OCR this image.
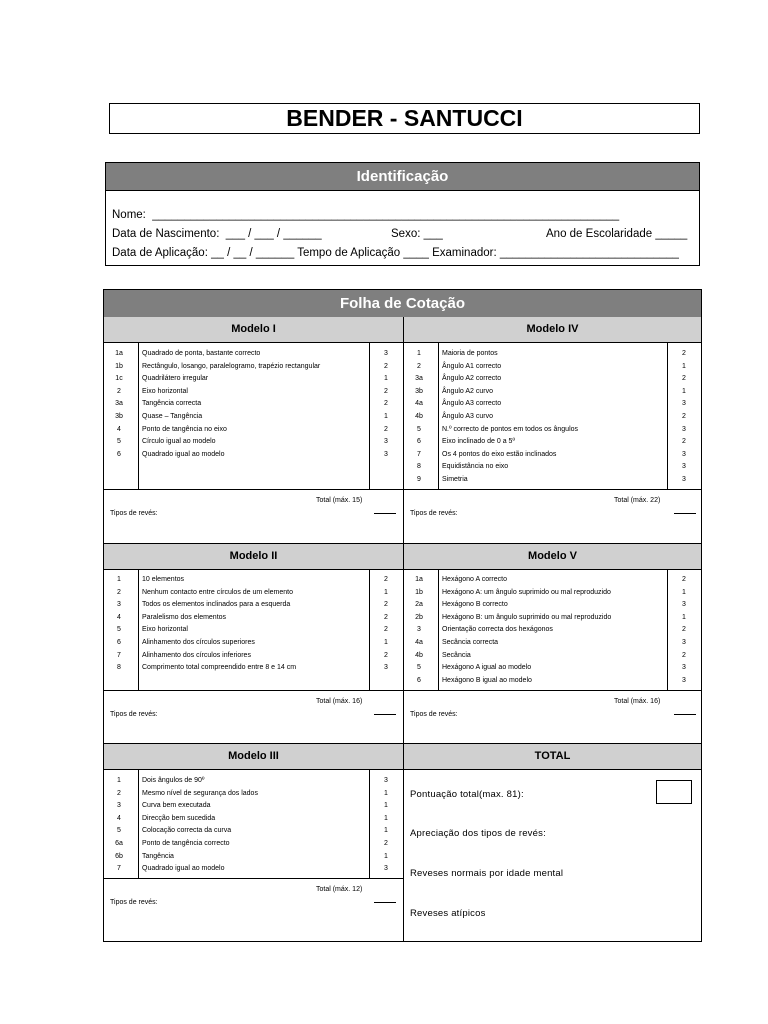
BENDER - SANTUCCI
Identificação
Nome:  _________________________________________________________________________
Data de Nascimento:  ___ / ___ / ______	Sexo: ___	Ano de Escolaridade _____
Data de Aplicação: __ / __ / ______ Tempo de Aplicação ____ Examinador: ____________________________
Folha de Cotação
Modelo I	Modelo IV
1a	Quadrado de ponta, bastante correcto	3
1b	Rectângulo, losango, paralelogramo, trapézio rectangular	2
1c	Quadrilátero irregular	1
2	Eixo horizontal	2
3a	Tangência correcta	2
3b	Quase – Tangência	1
4	Ponto de tangência no eixo	2
5	Círculo igual ao modelo	3
6	Quadrado igual ao modelo	3
1	Maioria de pontos	2
2	Ângulo A1 correcto	1
3a	Ângulo A2 correcto	2
3b	Ângulo A2 curvo	1
4a	Ângulo A3 correcto	3
4b	Ângulo A3 curvo	2
5	N.º correcto de pontos em todos os ângulos	3
6	Eixo inclinado de 0 a 5º	2
7	Os 4 pontos do eixo estão inclinados	3
8	Equidistância no eixo	3
9	Simetria	3
Total (máx. 15)
Tipos de revés:
Total (máx. 22)
Tipos de revés:
Modelo II	Modelo V
1	10 elementos	2
2	Nenhum contacto entre círculos de um elemento	1
3	Todos os elementos inclinados para a esquerda	2
4	Paralelismo dos elementos	2
5	Eixo horizontal	2
6	Alinhamento dos círculos superiores	1
7	Alinhamento dos círculos inferiores	2
8	Comprimento total compreendido entre 8 e 14 cm	3
1a	Hexágono A correcto	2
1b	Hexágono A: um ângulo suprimido ou mal reproduzido	1
2a	Hexágono B correcto	3
2b	Hexágono B: um ângulo suprimido ou mal reproduzido	1
3	Orientação correcta dos hexágonos	2
4a	Secância correcta	3
4b	Secância	2
5	Hexágono A igual ao modelo	3
6	Hexágono B igual ao modelo	3
Total (máx. 16)
Tipos de revés:
Total (máx. 16)
Tipos de revés:
Modelo III	TOTAL
1	Dois ângulos de 90º	3
2	Mesmo nível de segurança dos lados	1
3	Curva bem executada	1
4	Direcção bem sucedida	1
5	Colocação correcta da curva	1
6a	Ponto de tangência correcto	2
6b	Tangência	1
7	Quadrado igual ao modelo	3
Total (máx. 12)
Tipos de revés:
Pontuação total(max. 81):
Apreciação dos tipos de revés:
Reveses normais por idade mental
Reveses atípicos
